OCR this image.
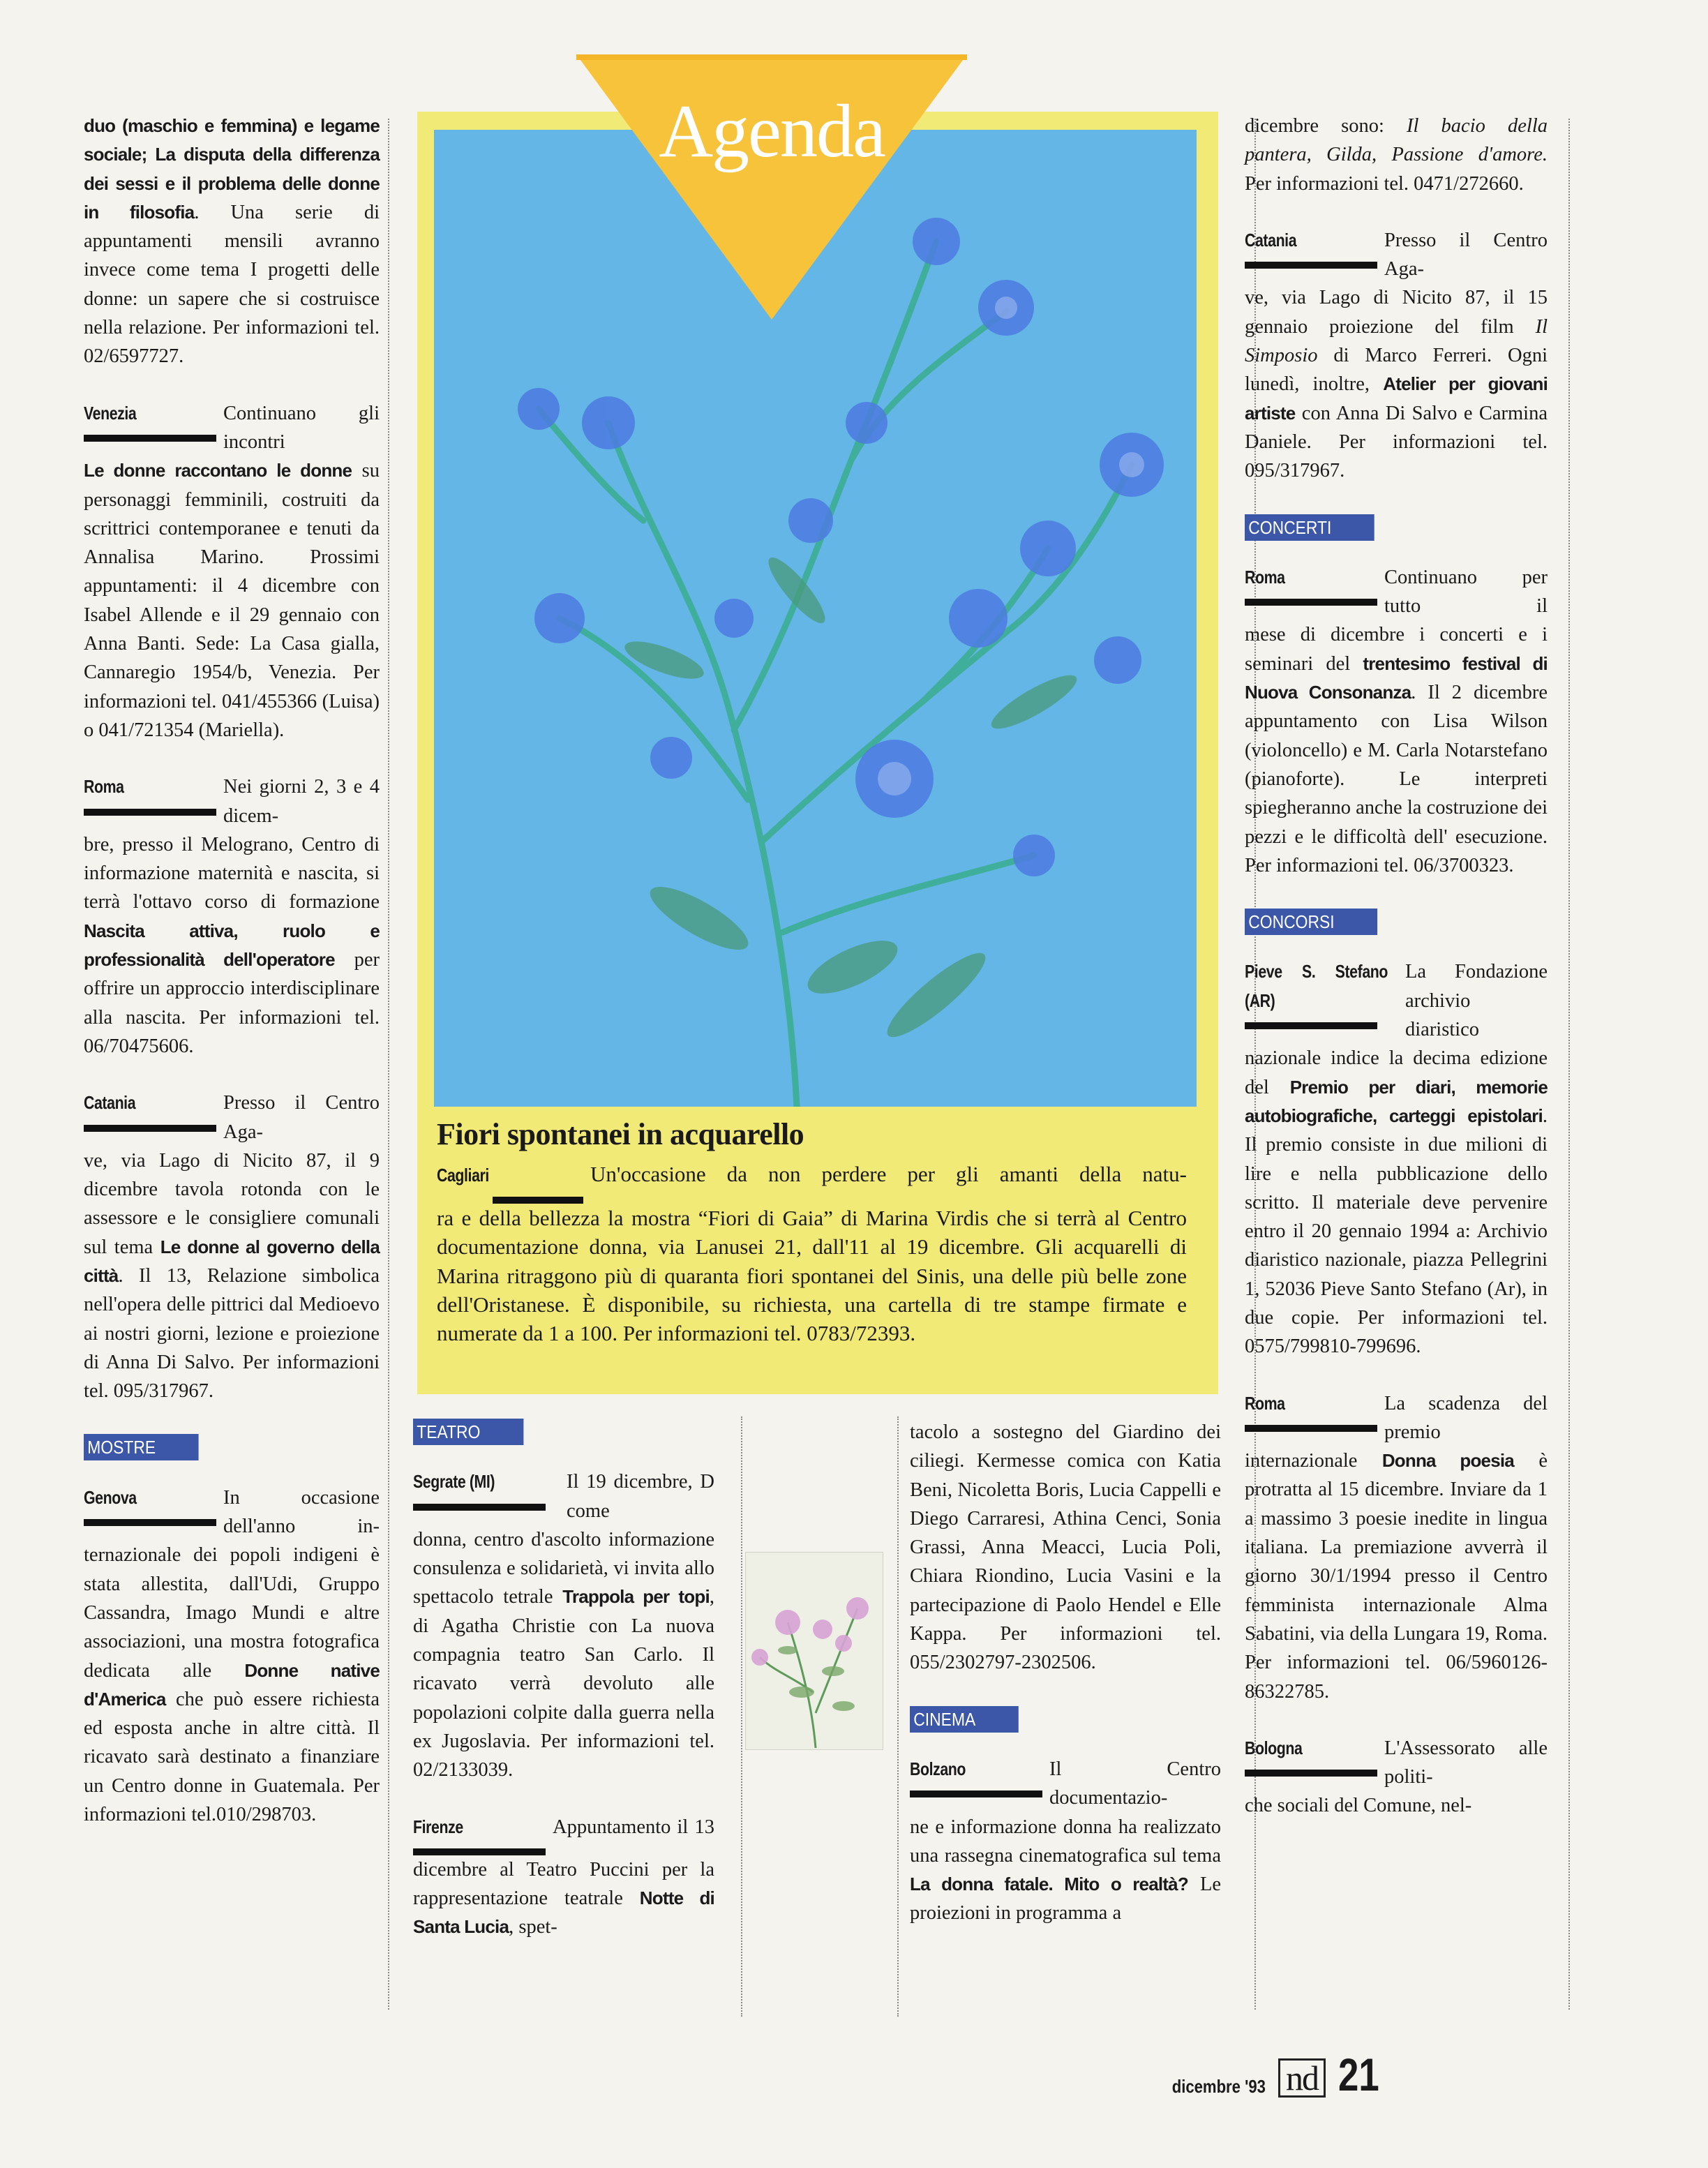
duo (maschio e femmina) e legame sociale; La disputa della differenza dei sessi e il problema delle donne in filosofia. Una serie di appuntamenti mensili avranno invece come tema I progetti delle donne: un sapere che si costruisce nella relazione. Per informazioni tel. 02/6597727.

Venezia	Continuano gli incontri

Le donne raccontano le donne su personaggi femminili, costruiti da scrittrici contemporanee e tenuti da Annalisa Marino. Prossimi appuntamenti: il 4 dicembre con Isabel Allende e il 29 gennaio con Anna Banti. Sede: La Casa gialla, Cannaregio 1954/b, Venezia. Per informazioni tel. 041/455366 (Luisa) o 041/721354 (Mariella).

Roma	Nei giorni 2, 3 e 4 dicem-

bre, presso il Melograno, Centro di informazione maternità e nascita, si terrà l'ottavo corso di formazione Nascita attiva, ruolo e professionalità dell'operatore per offrire un approccio interdisciplinare alla nascita. Per informazioni tel. 06/70475606.

Catania	Presso il Centro Aga-

ve, via Lago di Nicito 87, il 9 dicembre tavola rotonda con le assessore e le consigliere comunali sul tema Le donne al governo della città. Il 13, Relazione simbolica nell'opera delle pittrici dal Medioevo ai nostri giorni, lezione e proiezione di Anna Di Salvo. Per informazioni tel. 095/317967.

MOSTRE
Genova	In occasione dell'anno in-

ternazionale dei popoli indigeni è stata allestita, dall'Udi, Gruppo Cassandra, Imago Mundi e altre associazioni, una mostra fotografica dedicata alle Donne native d'America che può essere richiesta ed esposta anche in altre città. Il ricavato sarà destinato a finanziare un Centro donne in Guatemala. Per informazioni tel.010/298703.

Agenda
Fiori spontanei in acquarello
Cagliari	Un'occasione da non perdere per gli amanti della natu-

ra e della bellezza la mostra “Fiori di Gaia” di Marina Virdis che si terrà al Centro documentazione donna, via Lanusei 21, dall'11 al 19 dicembre. Gli acquarelli di Marina ritraggono più di quaranta fiori spontanei del Sinis, una delle più belle zone dell'Oristanese. È disponibile, su richiesta, una cartella di tre stampe firmate e numerate da 1 a 100. Per informazioni tel. 0783/72393.

TEATRO
Segrate (MI)	Il 19 dicembre, D come

donna, centro d'ascolto informazione consulenza e solidarietà, vi invita allo spettacolo tetrale Trappola per topi, di Agatha Christie con La nuova compagnia teatro San Carlo. Il ricavato verrà devoluto alle popolazioni colpite dalla guerra nella ex Jugoslavia. Per informazioni tel. 02/2133039.

Firenze	Appuntamento il 13

dicembre al Teatro Puccini per la rappresentazione teatrale Notte di Santa Lucia, spet-

tacolo a sostegno del Giardino dei ciliegi. Kermesse comica con Katia Beni, Nicoletta Boris, Lucia Cappelli e Diego Carraresi, Athina Cenci, Sonia Grassi, Anna Meacci, Lucia Poli, Chiara Riondino, Lucia Vasini e la partecipazione di Paolo Hendel e Elle Kappa. Per informazioni tel. 055/2302797-2302506.

CINEMA
Bolzano	Il Centro documentazio-

ne e informazione donna ha realizzato una rassegna cinematografica sul tema La donna fatale. Mito o realtà? Le proiezioni in programma a

dicembre sono: Il bacio della pantera, Gilda, Passione d'amore. Per informazioni tel. 0471/272660.

Catania	Presso il Centro Aga-

ve, via Lago di Nicito 87, il 15 gennaio proiezione del film Il Simposio di Marco Ferreri. Ogni lunedì, inoltre, Atelier per giovani artiste con Anna Di Salvo e Carmina Daniele. Per informazioni tel. 095/317967.

CONCERTI
Roma	Continuano per tutto il

mese di dicembre i concerti e i seminari del trentesimo festival di Nuova Consonanza. Il 2 dicembre appuntamento con Lisa Wilson (violoncello) e M. Carla Notarstefano (pianoforte). Le interpreti spiegheranno anche la costruzione dei pezzi e le difficoltà dell' esecuzione. Per informazioni tel. 06/3700323.

CONCORSI
Pieve S. Stefano (AR)
La Fondazione archivio diaristico

nazionale indice la decima edizione del Premio per diari, memorie autobiografiche, carteggi epistolari. Il premio consiste in due milioni di lire e nella pubblicazione dello scritto. Il materiale deve pervenire entro il 20 gennaio 1994 a: Archivio diaristico nazionale, piazza Pellegrini 1, 52036 Pieve Santo Stefano (Ar), in due copie. Per informazioni tel. 0575/799810-799696.

Roma	La scadenza del premio

internazionale Donna poesia è protratta al 15 dicembre. Inviare da 1 a massimo 3 poesie inedite in lingua italiana. La premiazione avverrà il giorno 30/1/1994 presso il Centro femminista internazionale Alma Sabatini, via della Lungara 19, Roma. Per informazioni tel. 06/5960126-86322785.

Bologna	L'Assessorato alle politi-

che sociali del Comune, nel-

dicembre '93 nd 21
